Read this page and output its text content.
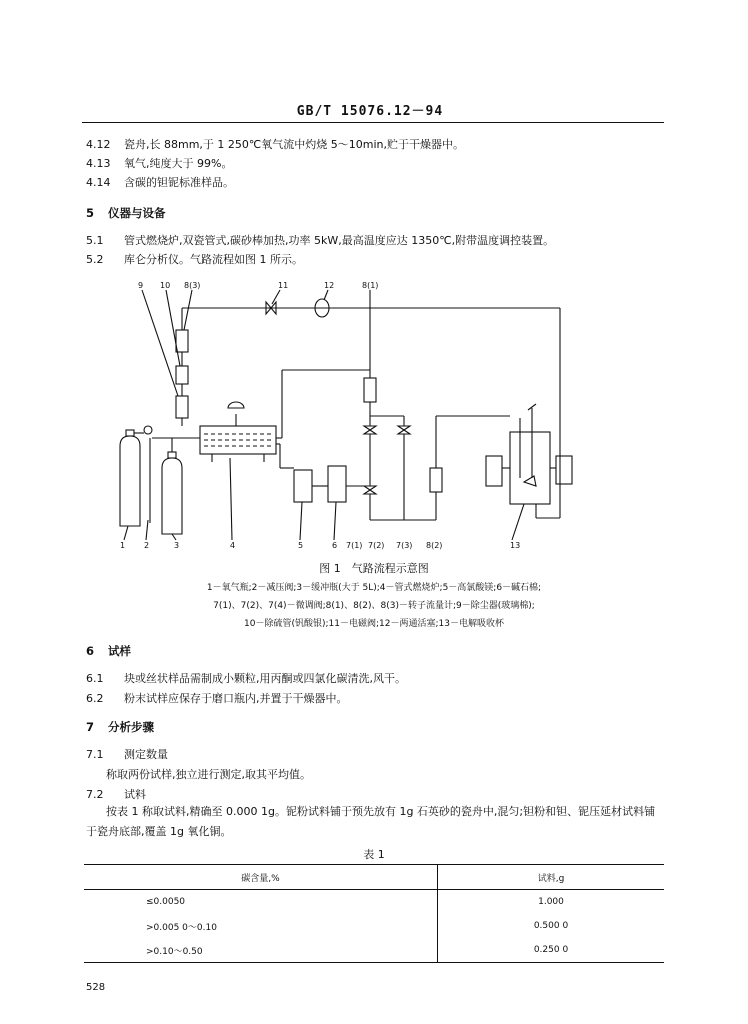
GB/T 15076.12－94
4.12 瓷舟,长 88mm,于 1 250℃氧气流中灼烧 5～10min,贮于干燥器中。
4.13 氧气,纯度大于 99%。
4.14 含碳的钽铌标准样品。
5 仪器与设备
5.1 管式燃烧炉,双瓷管式,碳砂棒加热,功率 5kW,最高温度应达 1350℃,附带温度调控装置。
5.2 库仑分析仪。气路流程如图 1 所示。
9 10 8(3)	11	12	8(1)
1 2	3	4	5	6 7(1) 7(2) 7(3) 8(2)	13
图 1　气路流程示意图
1－氧气瓶;2－减压阀;3－缓冲瓶(大于 5L);4－管式燃烧炉;5－高氯酸镁;6－碱石棉;
7(1)、7(2)、7(4)－微调阀;8(1)、8(2)、8(3)－转子流量计;9－除尘器(玻璃棉);
10－除硫管(钒酸银);11－电磁阀;12－两通活塞;13－电解吸收杯
6 试样
6.1 块或丝状样品需制成小颗粒,用丙酮或四氯化碳清洗,风干。
6.2 粉末试样应保存于磨口瓶内,并置于干燥器中。
7 分析步骤
7.1 测定数量
称取两份试样,独立进行测定,取其平均值。
7.2 试料
按表 1 称取试料,精确至 0.000 1g。铌粉试料铺于预先放有 1g 石英砂的瓷舟中,混匀;钽粉和钽、铌压延材试料铺于瓷舟底部,覆盖 1g 氧化铜。
表 1
碳含量,%	试料,g
≤0.0050	1.000
>0.005 0～0.10	0.500 0
>0.10～0.50	0.250 0
528
